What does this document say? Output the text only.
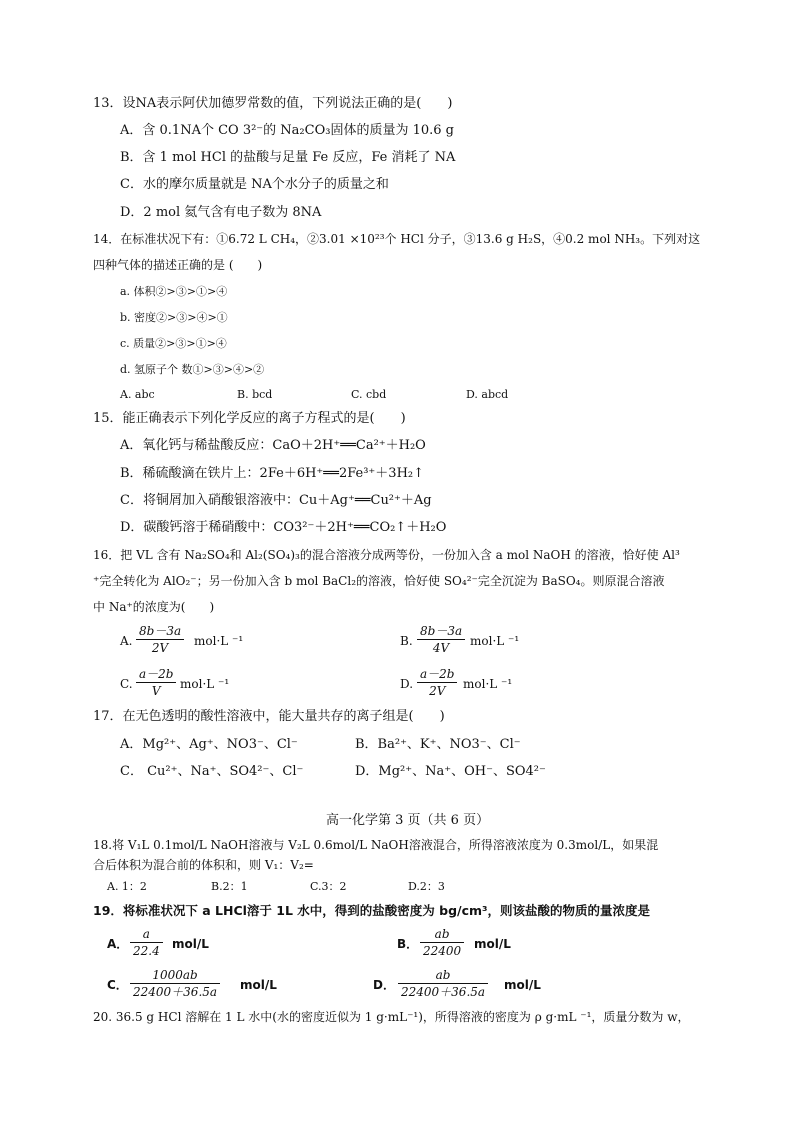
13．设NA表示阿伏加德罗常数的值，下列说法正确的是(　　)
A．含 0.1NA个 CO 3²⁻的 Na₂CO₃固体的质量为 10.6 g
B．含 1 mol HCl 的盐酸与足量 Fe 反应，Fe 消耗了 NA
C．水的摩尔质量就是 NA个水分子的质量之和
D．2 mol 氦气含有电子数为 8NA
14．在标准状况下有：①6.72 L CH₄，②3.01 ×10²³个 HCl 分子，③13.6 g H₂S，④0.2 mol NH₃。下列对这
四种气体的描述正确的是 (　　)
a. 体积②>③>①>④
b. 密度②>③>④>①
c. 质量②>③>①>④
d. 氢原子个 数①>③>④>②
A. abc	B. bcd	C. cbd	D. abcd
15．能正确表示下列化学反应的离子方程式的是(　　)
A．氧化钙与稀盐酸反应：CaO＋2H⁺══Ca²⁺＋H₂O
B．稀硫酸滴在铁片上：2Fe＋6H⁺══2Fe³⁺＋3H₂↑
C．将铜屑加入硝酸银溶液中：Cu＋Ag⁺══Cu²⁺＋Ag
D．碳酸钙溶于稀硝酸中：CO3²⁻＋2H⁺══CO₂↑＋H₂O
16．把 VL 含有 Na₂SO₄和 Al₂(SO₄)₃的混合溶液分成两等份，一份加入含 a mol NaOH 的溶液，恰好使 Al³
⁺完全转化为 AlO₂⁻；另一份加入含 b mol BaCl₂的溶液，恰好使 SO₄²⁻完全沉淀为 BaSO₄。则原混合溶液
中 Na⁺的浓度为(　　)
A. $\frac{8b-3a}{2V} mol\cdot L$ ⁻¹	B. $\frac{8b-3a}{4V} mol\cdot L$ ⁻¹
C. $\frac{a-2b}{V} mol\cdot L$ ⁻¹	D. $\frac{a-2b}{2V} mol\cdot L$ ⁻¹
17．在无色透明的酸性溶液中，能大量共存的离子组是(　　)
A．Mg²⁺、Ag⁺、NO3⁻、Cl⁻	B．Ba²⁺、K⁺、NO3⁻、Cl⁻
C． Cu²⁺、Na⁺、SO4²⁻、Cl⁻	D．Mg²⁺、Na⁺、OH⁻、SO4²⁻
高一化学第 3 页（共 6 页）
18.将 V₁L 0.1mol/L NaOH溶液与 V₂L 0.6mol/L NaOH溶液混合，所得溶液浓度为 0.3mol/L，如果混
合后体积为混合前的体积和，则 V₁：V₂=
A. 1：2	B.2：1	C.3：2	D.2：3
19．将标准状况下 a LHCl溶于 1L 水中，得到的盐酸密度为 bg/cm³，则该盐酸的物质的量浓度是
A． $\frac{a}{22.4} mol/L$	B． $\frac{ab}{22400} mol/L$
C． $\frac{1000ab}{22400+36.5a} mol/L$	D． $\frac{ab}{22400+36.5a} mol/L$
20. 36.5 g HCl 溶解在 1 L 水中(水的密度近似为 1 g·mL⁻¹)，所得溶液的密度为 ρ g·mL ⁻¹，质量分数为 w，
